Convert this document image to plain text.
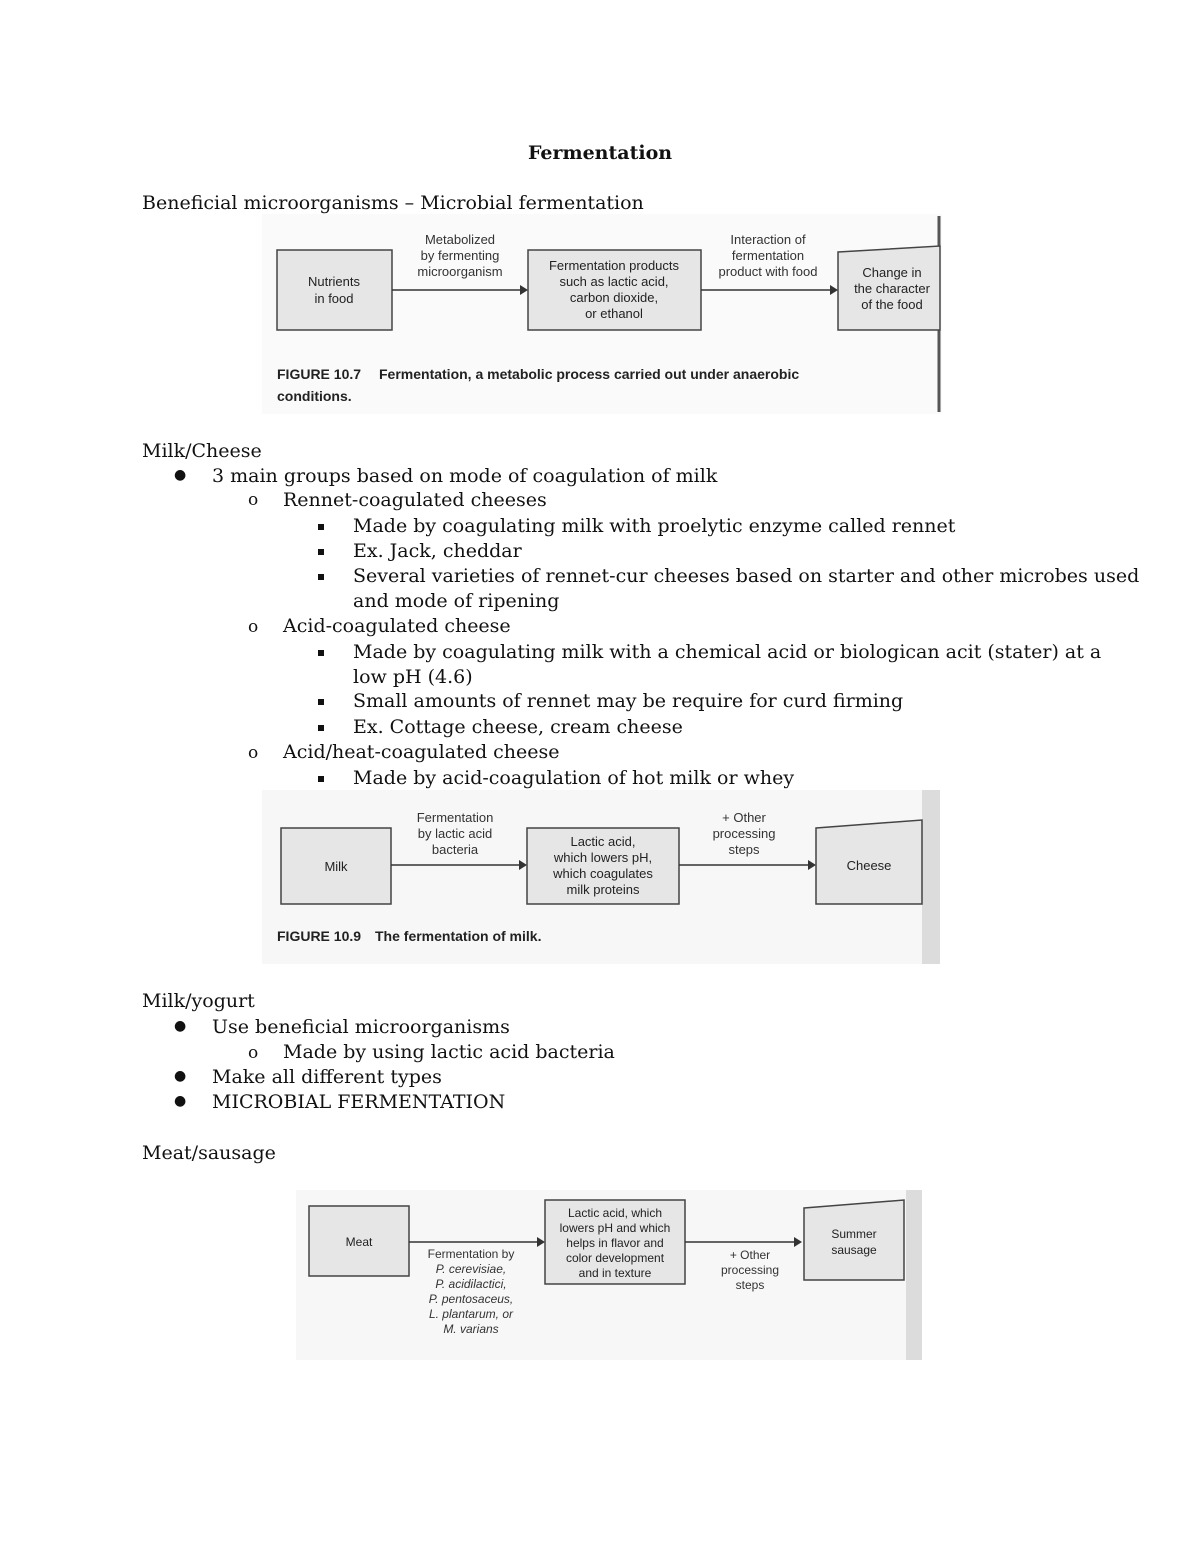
Fermentation
Beneficial microorganisms – Microbial fermentation
Nutrients
in food
Metabolized
by fermenting
microorganism	Fermentation products
such as lactic acid,
carbon dioxide,
or ethanol
Interaction of
fermentation
product with food	Change in
the character
of the food
FIGURE 10.7 Fermentation, a metabolic process carried out under anaerobic
conditions.
Milk/Cheese
● 3 main groups based on mode of coagulation of milk
o Rennet-coagulated cheeses
Made by coagulating milk with proelytic enzyme called rennet
Ex. Jack, cheddar
Several varieties of rennet-cur cheeses based on starter and other microbes used
and mode of ripening
o Acid-coagulated cheese
Made by coagulating milk with a chemical acid or biologican acit (stater) at a
low pH (4.6)
Small amounts of rennet may be require for curd firming
Ex. Cottage cheese, cream cheese
o Acid/heat-coagulated cheese
Made by acid-coagulation of hot milk or whey
Milk
Fermentation
by lactic acid
bacteria
Lactic acid,
which lowers pH,
which coagulates
milk proteins
+ Other
processing
steps
Cheese
FIGURE 10.9 The fermentation of milk.
Milk/yogurt
● Use beneficial microorganisms
o Made by using lactic acid bacteria
● Make all different types
● MICROBIAL FERMENTATION
Meat/sausage
Meat
Fermentation by
P. cerevisiae,
P. acidilactici,
P. pentosaceus,
L. plantarum, or
M. varians
Lactic acid, which
lowers pH and which
helps in flavor and
color development
and in texture
+ Other
processing
steps
Summer
sausage
